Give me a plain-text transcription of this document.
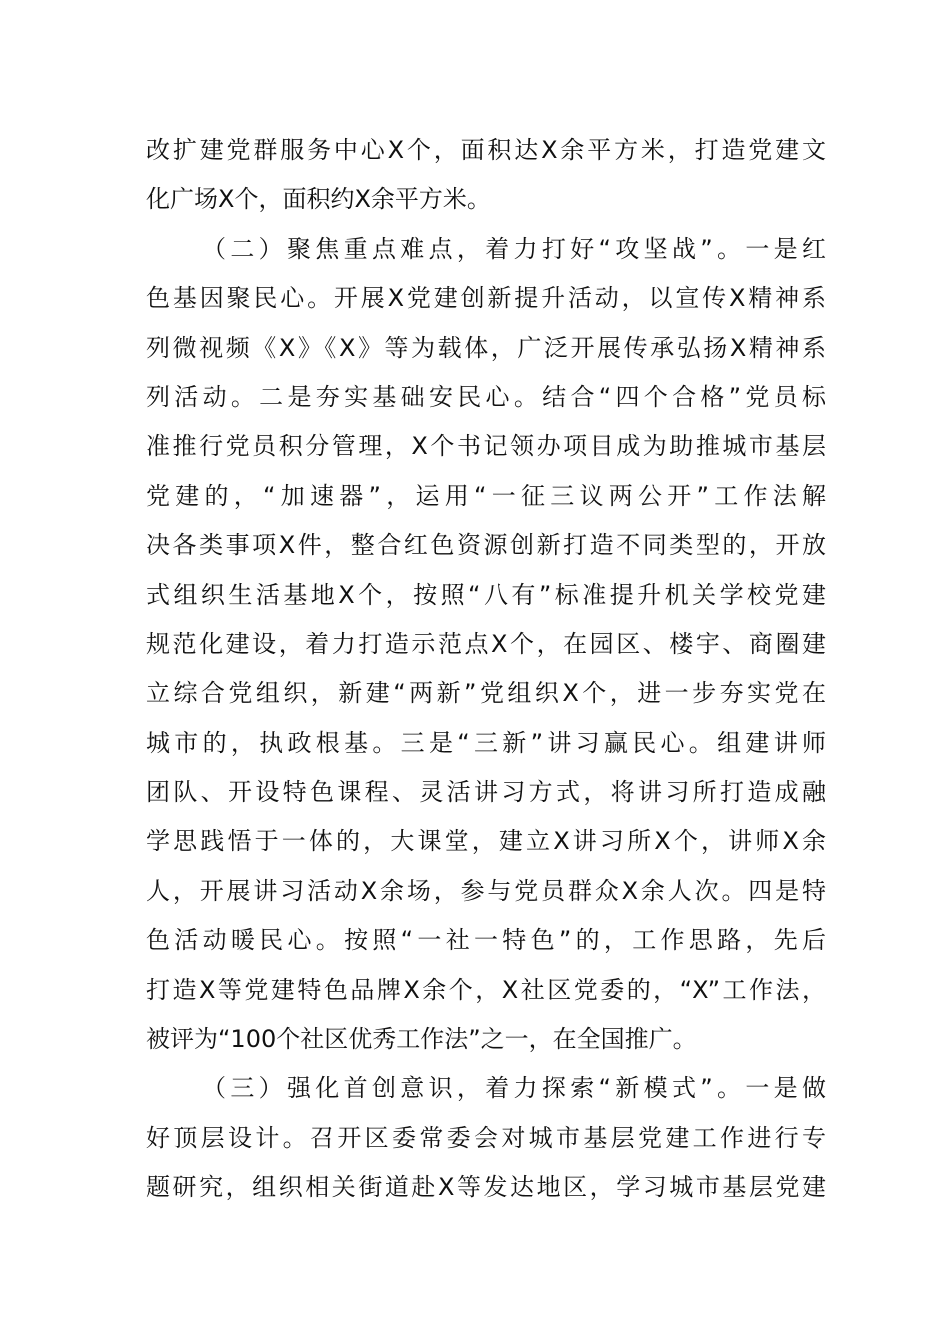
改扩建党群服务中心X个，面积达X余平方米，打造党建文
化广场X个，面积约X余平方米。
（二）聚焦重点难点，着力打好“攻坚战”。一是红
色基因聚民心。开展X党建创新提升活动，以宣传X精神系
列微视频《X》《X》等为载体，广泛开展传承弘扬X精神系
列活动。二是夯实基础安民心。结合“四个合格”党员标
准推行党员积分管理，X个书记领办项目成为助推城市基层
党建的，“加速器”，运用“一征三议两公开”工作法解
决各类事项X件，整合红色资源创新打造不同类型的，开放
式组织生活基地X个，按照“八有”标准提升机关学校党建
规范化建设，着力打造示范点X个，在园区、楼宇、商圈建
立综合党组织，新建“两新”党组织X个，进一步夯实党在
城市的，执政根基。三是“三新”讲习赢民心。组建讲师
团队、开设特色课程、灵活讲习方式，将讲习所打造成融
学思践悟于一体的，大课堂，建立X讲习所X个，讲师X余
人，开展讲习活动X余场，参与党员群众X余人次。四是特
色活动暖民心。按照“一社一特色”的，工作思路，先后
打造X等党建特色品牌X余个，X社区党委的，“X”工作法，
被评为“100个社区优秀工作法”之一，在全国推广。
（三）强化首创意识，着力探索“新模式”。一是做
好顶层设计。召开区委常委会对城市基层党建工作进行专
题研究，组织相关街道赴X等发达地区，学习城市基层党建
